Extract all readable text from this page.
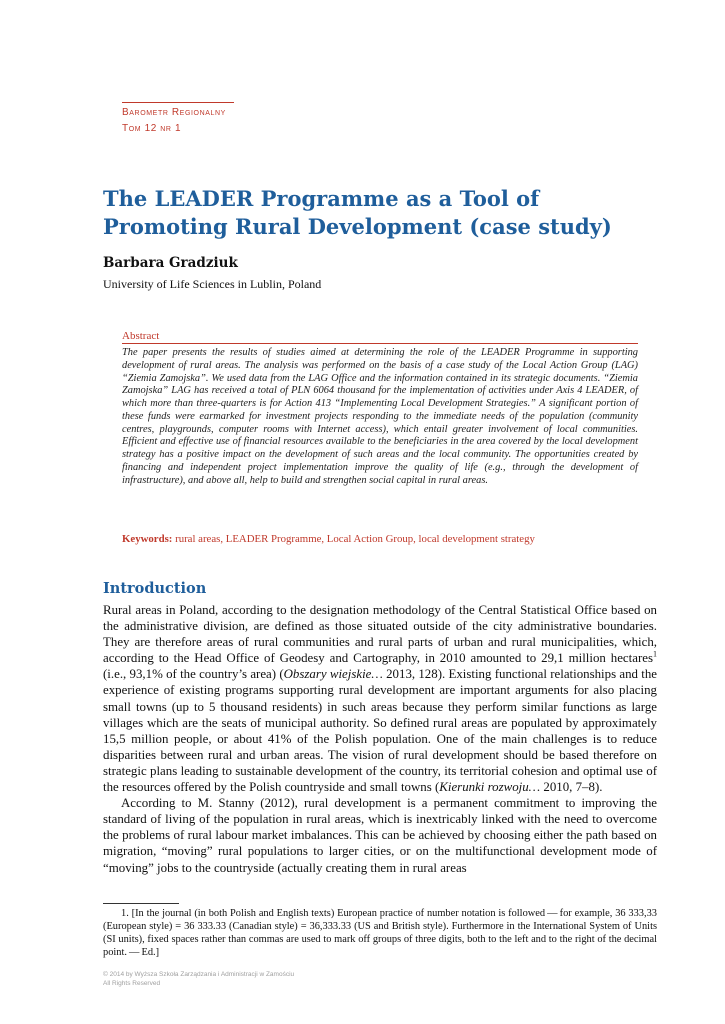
Barometr Regionalny
Tom 12 nr 1
The LEADER Programme as a Tool of
Promoting Rural Development (case study)
Barbara Gradziuk
University of Life Sciences in Lublin, Poland
Abstract
The paper presents the results of studies aimed at determining the role of the LEADER Programme in supporting development of rural areas. The analysis was performed on the basis of a case study of the Local Action Group (LAG) “Ziemia Zamojska”. We used data from the LAG Office and the information contained in its strategic documents. “Ziemia Zamojska” LAG has received a total of PLN 6064 thousand for the implementation of activities under Axis 4 LEADER, of which more than three-quarters is for Action 413 “Implementing Local Development Strategies.” A significant portion of these funds were earmarked for investment projects responding to the immediate needs of the population (community centres, playgrounds, computer rooms with Internet access), which entail greater involvement of local communities. Efficient and effective use of financial resources available to the beneficiaries in the area covered by the local development strategy has a positive impact on the development of such areas and the local community. The opportunities created by financing and independent project implementation improve the quality of life (e.g., through the development of infrastructure), and above all, help to build and strengthen social capital in rural areas.
Keywords: rural areas, LEADER Programme, Local Action Group, local development strategy
Introduction

Rural areas in Poland, according to the designation methodology of the Central Statistical Office based on the administrative division, are defined as those situated outside of the city administrative boundaries. They are therefore areas of rural communities and rural parts of urban and rural municipalities, which, according to the Head Office of Geodesy and Cartography, in 2010 amounted to 29,1 million hectares$^1$ (i.e., 93,1% of the country’s area) (Obszary wiejskie… 2013, 128). Existing functional relationships and the experience of existing programs supporting rural development are important arguments for also placing small towns (up to 5 thousand residents) in such areas because they perform similar functions as large villages which are the seats of municipal authority. So defined rural areas are populated by approximately 15,5 million people, or about 41% of the Polish population. One of the main challenges is to reduce disparities between rural and urban areas. The vision of rural development should be based therefore on strategic plans leading to sustainable development of the country, its territorial cohesion and optimal use of the resources offered by the Polish countryside and small towns (Kierunki rozwoju… 2010, 7–8).

According to M. Stanny (2012), rural development is a permanent commitment to improving the standard of living of the population in rural areas, which is inextricably linked with the need to overcome the problems of rural labour market imbalances. This can be achieved by choosing either the path based on migration, “moving” rural populations to larger cities, or on the multifunctional development mode of “moving” jobs to the countryside (actually creating them in rural areas

1. [In the journal (in both Polish and English texts) European practice of number notation is followed — for example, 36 333,33 (European style) = 36 333.33 (Canadian style) = 36,333.33 (US and British style). Furthermore in the International System of Units (SI units), fixed spaces rather than commas are used to mark off groups of three digits, both to the left and to the right of the decimal point. — Ed.]
© 2014 by Wyższa Szkoła Zarządzania i Administracji w Zamościu
All Rights Reserved
